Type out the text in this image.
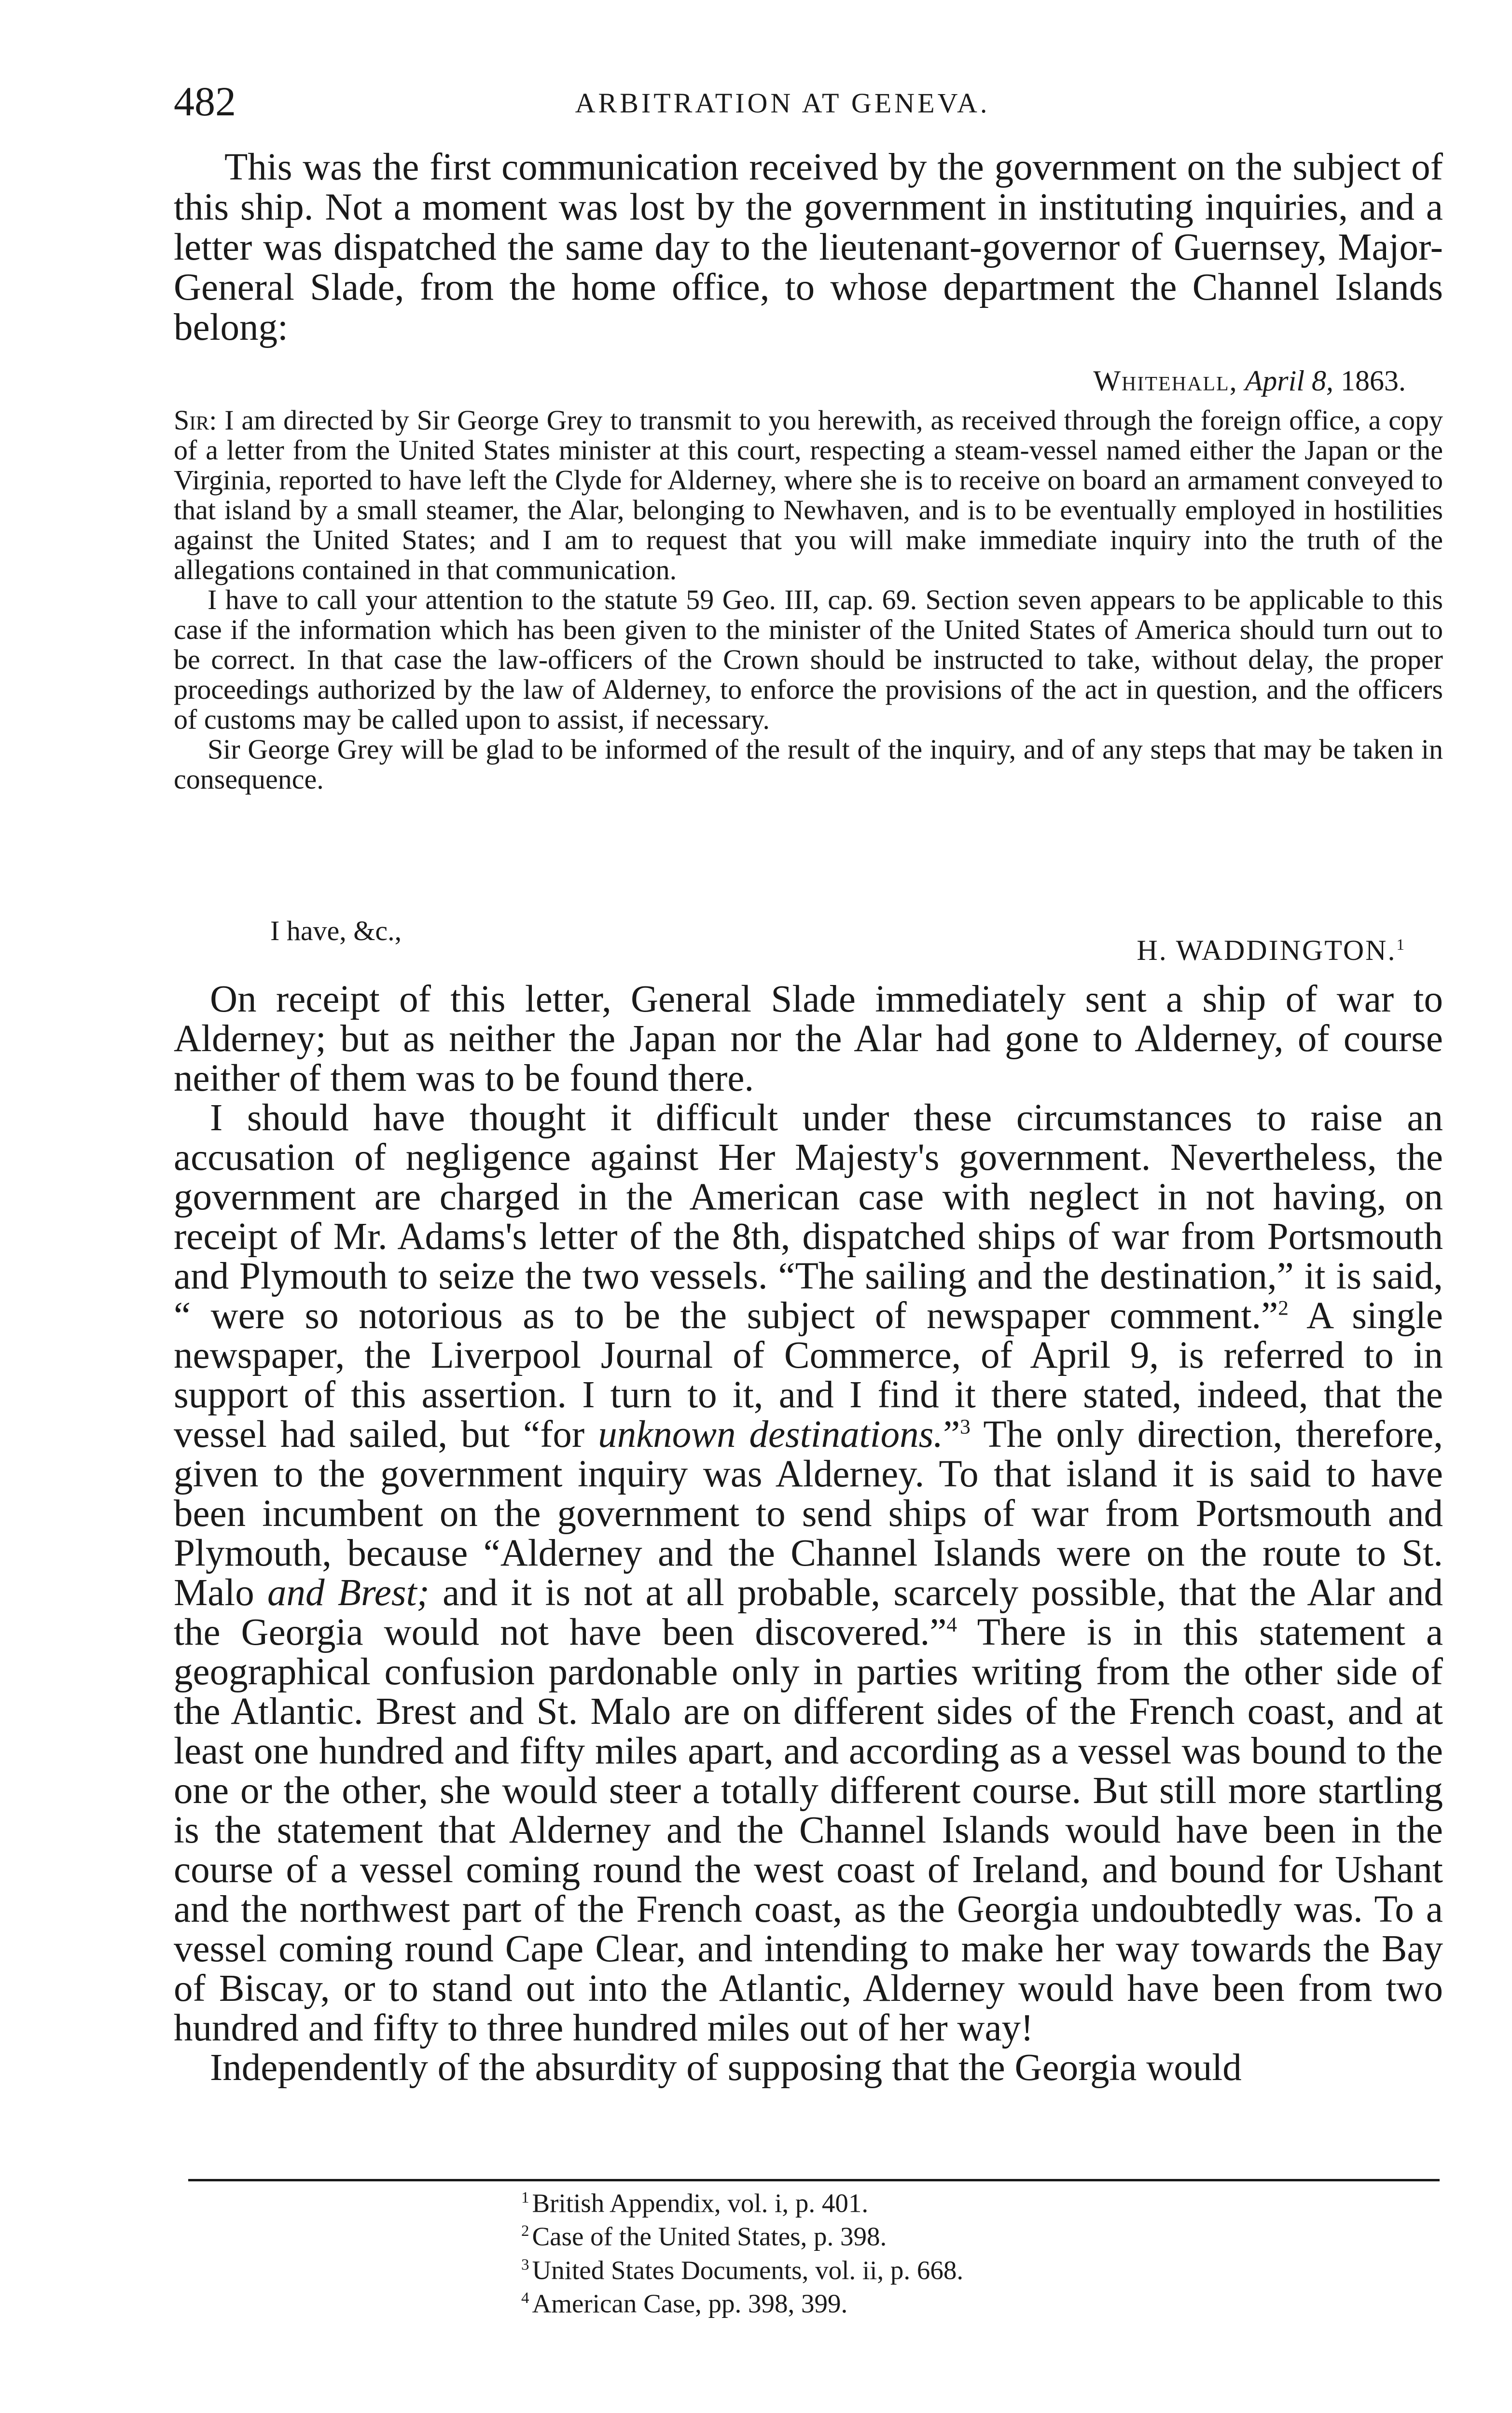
482	ARBITRATION AT GENEVA.

This was the first communication received by the government on the subject of this ship. Not a moment was lost by the government in instituting inquiries, and a letter was dispatched the same day to the lieutenant-governor of Guernsey, Major-General Slade, from the home office, to whose department the Channel Islands belong:

Whitehall, April 8, 1863.

Sir: I am directed by Sir George Grey to transmit to you herewith, as received through the foreign office, a copy of a letter from the United States minister at this court, respecting a steam-vessel named either the Japan or the Virginia, reported to have left the Clyde for Alderney, where she is to receive on board an armament conveyed to that island by a small steamer, the Alar, belonging to Newhaven, and is to be eventually employed in hostilities against the United States; and I am to request that you will make immediate inquiry into the truth of the allegations contained in that communication.

I have to call your attention to the statute 59 Geo. III, cap. 69. Section seven appears to be applicable to this case if the information which has been given to the minister of the United States of America should turn out to be correct. In that case the law-officers of the Crown should be instructed to take, without delay, the proper proceedings authorized by the law of Alderney, to enforce the provisions of the act in question, and the officers of customs may be called upon to assist, if necessary.

Sir George Grey will be glad to be informed of the result of the inquiry, and of any steps that may be taken in consequence.

I have, &c.,
H. WADDINGTON.$^1$

On receipt of this letter, General Slade immediately sent a ship of war to Alderney; but as neither the Japan nor the Alar had gone to Alderney, of course neither of them was to be found there.

I should have thought it difficult under these circumstances to raise an accusation of negligence against Her Majesty's government. Nevertheless, the government are charged in the American case with neglect in not having, on receipt of Mr. Adams's letter of the 8th, dispatched ships of war from Portsmouth and Plymouth to seize the two vessels. “The sailing and the destination,” it is said, “ were so notorious as to be the subject of newspaper comment.”$^2$ A single newspaper, the Liverpool Journal of Commerce, of April 9, is referred to in support of this assertion. I turn to it, and I find it there stated, indeed, that the vessel had sailed, but “for unknown destinations.”$^3$ The only direction, therefore, given to the government inquiry was Alderney. To that island it is said to have been incumbent on the government to send ships of war from Portsmouth and Plymouth, because “Alderney and the Channel Islands were on the route to St. Malo and Brest; and it is not at all probable, scarcely possible, that the Alar and the Georgia would not have been discovered.”$^4$ There is in this statement a geographical confusion pardonable only in parties writing from the other side of the Atlantic. Brest and St. Malo are on different sides of the French coast, and at least one hundred and fifty miles apart, and according as a vessel was bound to the one or the other, she would steer a totally different course. But still more startling is the statement that Alderney and the Channel Islands would have been in the course of a vessel coming round the west coast of Ireland, and bound for Ushant and the northwest part of the French coast, as the Georgia undoubtedly was. To a vessel coming round Cape Clear, and intending to make her way towards the Bay of Biscay, or to stand out into the Atlantic, Alderney would have been from two hundred and fifty to three hundred miles out of her way!

Independently of the absurdity of supposing that the Georgia would

$^1$ British Appendix, vol. i, p. 401.
$^2$ Case of the United States, p. 398.
$^3$ United States Documents, vol. ii, p. 668.
$^4$ American Case, pp. 398, 399.
